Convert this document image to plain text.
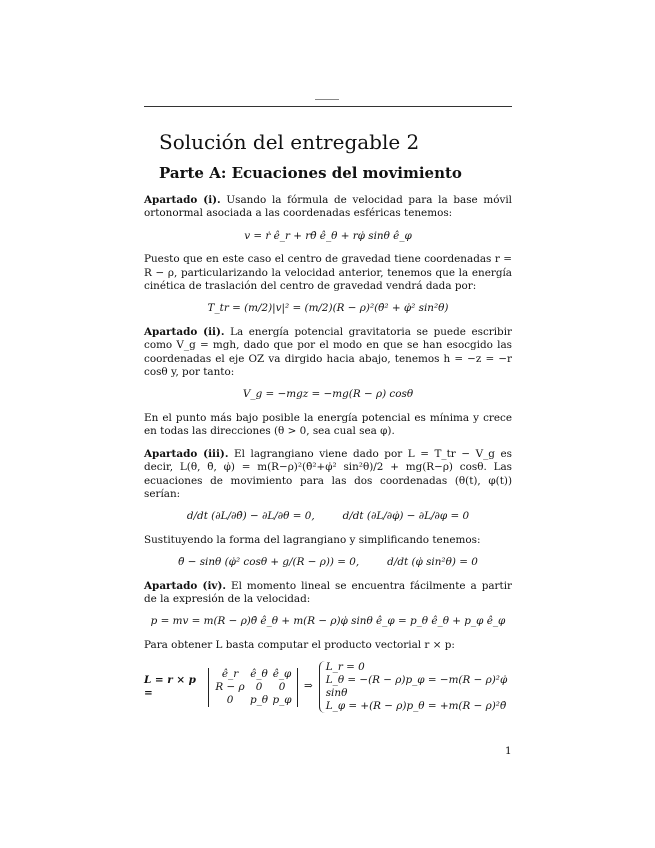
Solución del entregable 2
Parte A: Ecuaciones del movimiento

Apartado (i). Usando la fórmula de velocidad para la base móvil ortonormal asociada a las coordenadas esféricas tenemos:

v = ṙ ê_r + rθ̇ ê_θ + rφ̇ sinθ ê_φ

Puesto que en este caso el centro de gravedad tiene coordenadas r = R − ρ, particularizando la velocidad anterior, tenemos que la energía cinética de traslación del centro de gravedad vendrá dada por:

T_tr = (m/2)|v|² = (m/2)(R − ρ)²(θ̇² + φ̇² sin²θ)

Apartado (ii). La energía potencial gravitatoria se puede escribir como V_g = mgh, dado que por el modo en que se han esocgido las coordenadas el eje OZ va dirgido hacia abajo, tenemos h = −z = −r cosθ y, por tanto:

V_g = −mgz = −mg(R − ρ) cosθ

En el punto más bajo posible la energía potencial es mínima y crece en todas las direcciones (θ > 0, sea cual sea φ).

Apartado (iii). El lagrangiano viene dado por L = T_tr − V_g es decir, L(θ, θ̇, φ̇) = m(R−ρ)²(θ̇²+φ̇² sin²θ)/2 + mg(R−ρ) cosθ. Las ecuaciones de movimiento para las dos coordenadas (θ(t), φ(t)) serían:

d/dt (∂L/∂θ̇) − ∂L/∂θ = 0,	d/dt (∂L/∂φ̇) − ∂L/∂φ = 0

Sustituyendo la forma del lagrangiano y simplificando tenemos:

θ̈ − sinθ (φ̇² cosθ + g/(R − ρ)) = 0,	d/dt (φ̇ sin²θ) = 0

Apartado (iv). El momento lineal se encuentra fácilmente a partir de la expresión de la velocidad:

p = mv = m(R − ρ)θ̇ ê_θ + m(R − ρ)φ̇ sinθ ê_φ = p_θ ê_θ + p_φ ê_φ

Para obtener L basta computar el producto vectorial r × p:

L = r × p =
ê_r	ê_θ ê_φ
R − ρ	0	0
0	p_θ p_φ
⇒
L_r = 0
L_θ = −(R − ρ)p_φ = −m(R − ρ)²φ̇ sinθ
L_φ = +(R − ρ)p_θ = +m(R − ρ)²θ̇
1
